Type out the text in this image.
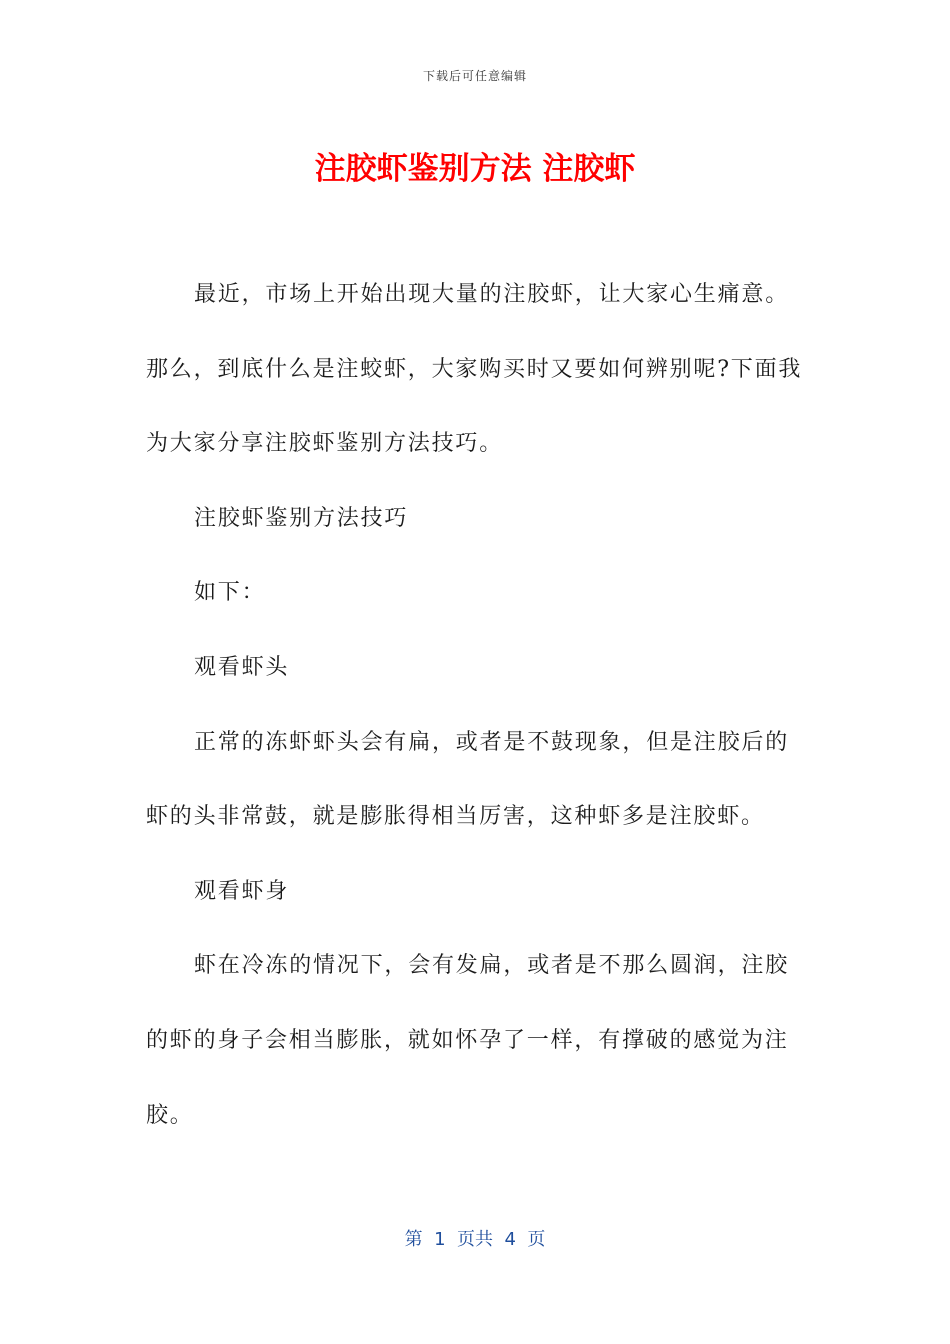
下载后可任意编辑
注胶虾鉴别方法 注胶虾

最近，市场上开始出现大量的注胶虾，让大家心生痛意。那么，到底什么是注蛟虾，大家购买时又要如何辨别呢?下面我为大家分享注胶虾鉴别方法技巧。

注胶虾鉴别方法技巧

如下：

观看虾头

正常的冻虾虾头会有扁，或者是不鼓现象，但是注胶后的虾的头非常鼓，就是膨胀得相当厉害，这种虾多是注胶虾。

观看虾身

虾在冷冻的情况下，会有发扁，或者是不那么圆润，注胶的虾的身子会相当膨胀，就如怀孕了一样，有撑破的感觉为注胶。

第  1  页共  4  页
